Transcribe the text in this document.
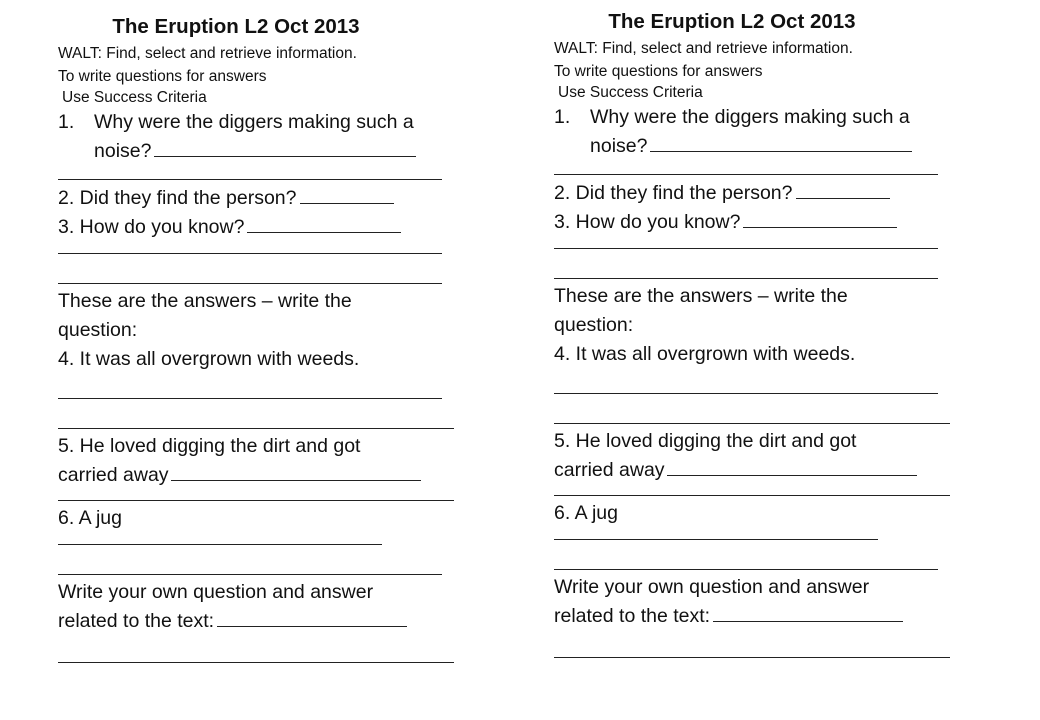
The Eruption L2 Oct 2013
WALT: Find, select and retrieve information.
To write questions for answers
Use Success Criteria
1.	Why were the diggers making such a
noise?
2. Did they find the person?
3. How do you know?
These are the answers – write the
question:
4. It was all overgrown with weeds.
5. He loved digging the dirt and got
carried away
6. A jug
Write your own question and answer
related to the text:
The Eruption L2 Oct 2013
WALT: Find, select and retrieve information.
To write questions for answers
Use Success Criteria
1.	Why were the diggers making such a
noise?
2. Did they find the person?
3. How do you know?
These are the answers – write the
question:
4. It was all overgrown with weeds.
5. He loved digging the dirt and got
carried away
6. A jug
Write your own question and answer
related to the text:
